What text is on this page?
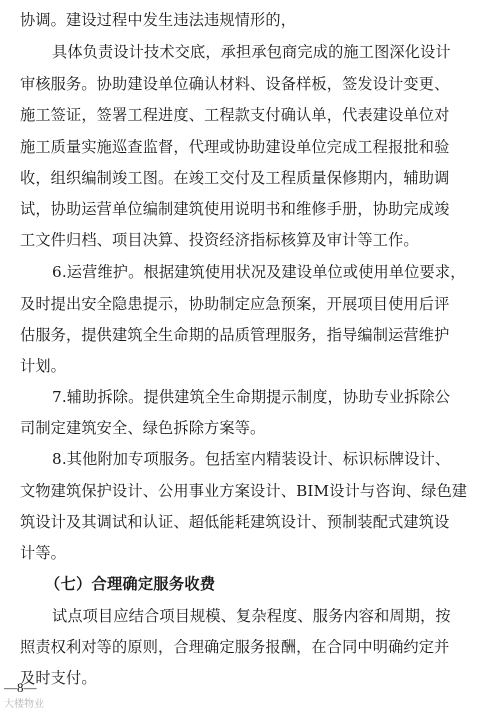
协调。建设过程中发生违法违规情形的，
具体负责设计技术交底，承担承包商完成的施工图深化设计
审核服务。协助建设单位确认材料、设备样板，签发设计变更、
施工签证，签署工程进度、工程款支付确认单，代表建设单位对
施工质量实施巡查监督，代理或协助建设单位完成工程报批和验
收，组织编制竣工图。在竣工交付及工程质量保修期内，辅助调
试，协助运营单位编制建筑使用说明书和维修手册，协助完成竣
工文件归档、项目决算、投资经济指标核算及审计等工作。
6.运营维护。根据建筑使用状况及建设单位或使用单位要求，
及时提出安全隐患提示，协助制定应急预案，开展项目使用后评
估服务，提供建筑全生命期的品质管理服务，指导编制运营维护
计划。
7.辅助拆除。提供建筑全生命期提示制度，协助专业拆除公
司制定建筑安全、绿色拆除方案等。
8.其他附加专项服务。包括室内精装设计、标识标牌设计、
文物建筑保护设计、公用事业方案设计、BIM设计与咨询、绿色建
筑设计及其调试和认证、超低能耗建筑设计、预制装配式建筑设
计等。
（七）合理确定服务收费
试点项目应结合项目规模、复杂程度、服务内容和周期，按
照责权利对等的原则，合理确定服务报酬，在合同中明确约定并
及时支付。
—8—
大楼物业
